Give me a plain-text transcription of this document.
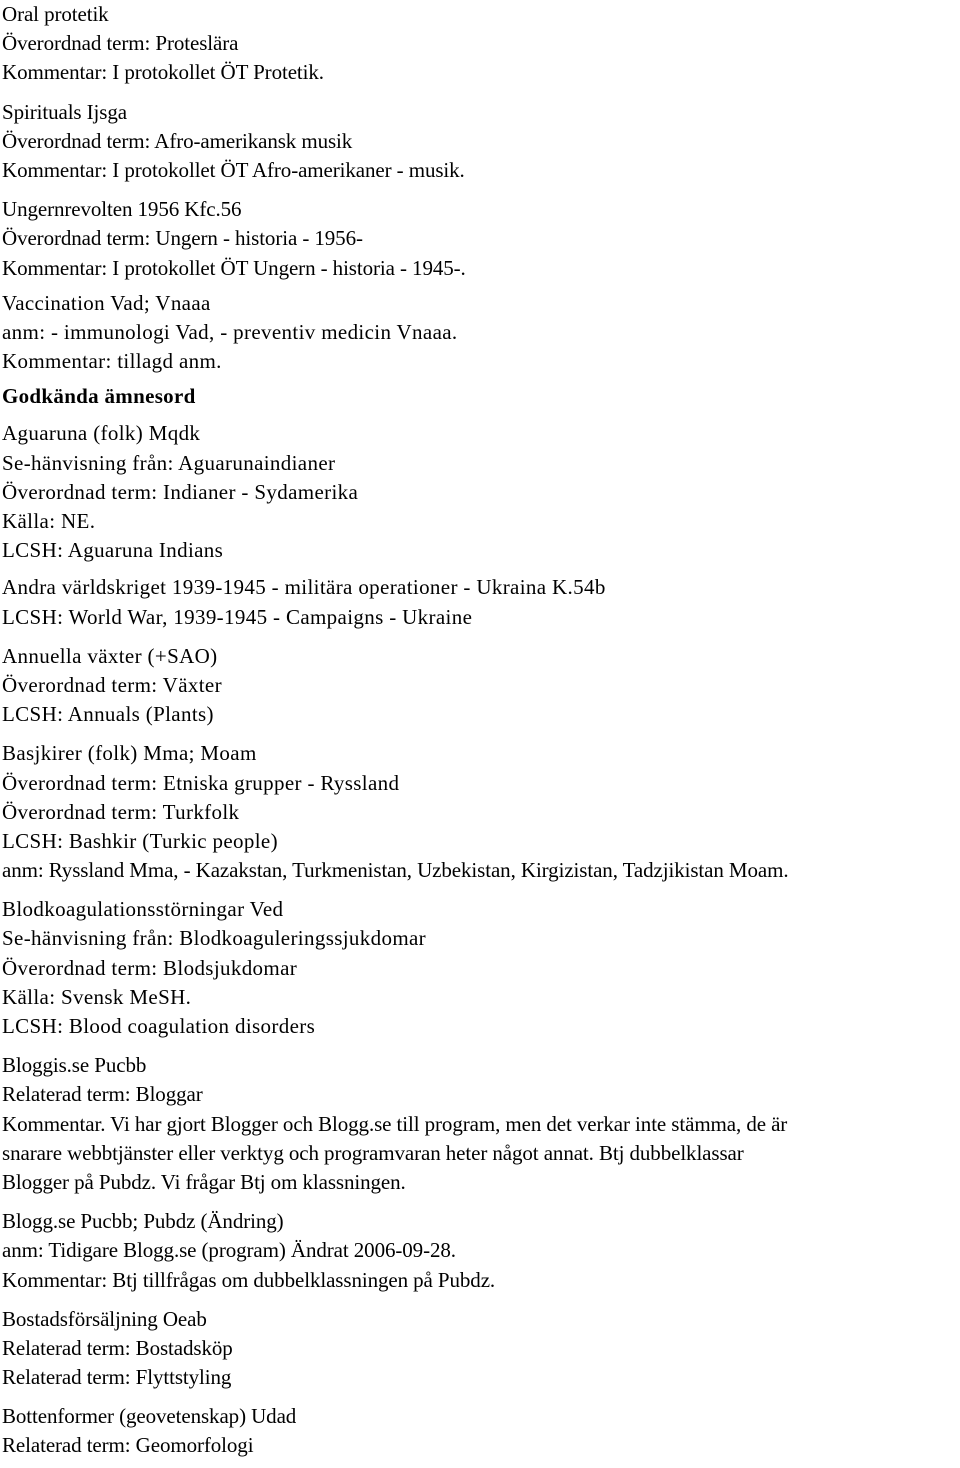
Oral protetik
Överordnad term: Proteslära
Kommentar: I protokollet ÖT Protetik.
Spirituals Ijsga
Överordnad term: Afro-amerikansk musik
Kommentar: I protokollet ÖT Afro-amerikaner - musik.
Ungernrevolten 1956 Kfc.56
Överordnad term: Ungern - historia - 1956-
Kommentar: I protokollet ÖT Ungern - historia - 1945-.
Vaccination Vad; Vnaaa
anm: - immunologi Vad, - preventiv medicin Vnaaa.
Kommentar: tillagd anm.
Godkända ämnesord
Aguaruna (folk) Mqdk
Se-hänvisning från: Aguarunaindianer
Överordnad term: Indianer - Sydamerika
Källa: NE.
LCSH: Aguaruna Indians
Andra världskriget 1939-1945 - militära operationer - Ukraina K.54b
LCSH: World War, 1939-1945 - Campaigns - Ukraine
Annuella växter (+SAO)
Överordnad term: Växter
LCSH: Annuals (Plants)
Basjkirer (folk) Mma; Moam
Överordnad term: Etniska grupper - Ryssland
Överordnad term: Turkfolk
LCSH: Bashkir (Turkic people)
anm: Ryssland Mma, - Kazakstan, Turkmenistan, Uzbekistan, Kirgizistan, Tadzjikistan Moam.
Blodkoagulationsstörningar Ved
Se-hänvisning från: Blodkoaguleringssjukdomar
Överordnad term: Blodsjukdomar
Källa: Svensk MeSH.
LCSH: Blood coagulation disorders
Bloggis.se Pucbb
Relaterad term: Bloggar
Kommentar. Vi har gjort Blogger och Blogg.se till program, men det verkar inte stämma, de är
snarare webbtjänster eller verktyg och programvaran heter något annat. Btj dubbelklassar
Blogger på Pubdz. Vi frågar Btj om klassningen.
Blogg.se Pucbb; Pubdz (Ändring)
anm: Tidigare Blogg.se (program) Ändrat 2006-09-28.
Kommentar: Btj tillfrågas om dubbelklassningen på Pubdz.
Bostadsförsäljning Oeab
Relaterad term: Bostadsköp
Relaterad term: Flyttstyling
Bottenformer (geovetenskap) Udad
Relaterad term: Geomorfologi
